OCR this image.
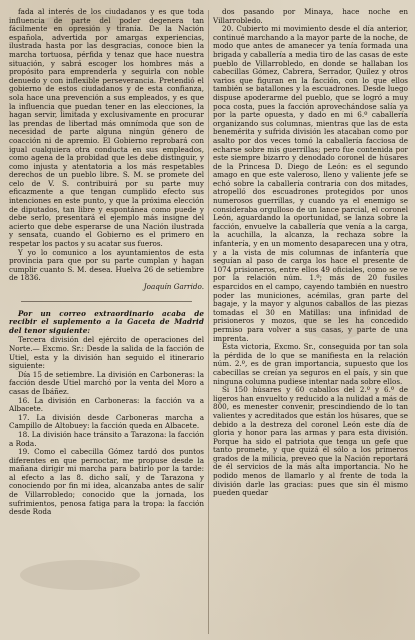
fada al interés de los ciudadanos y es que toda influencia de parte del poder degenera tan fácilmente en opresión y tiranía. De la Nación española, advertida por amargas experiencias, ilustrada hasta por las desgracias, conoce bien la marcha tortuosa, pérfida y tenaz que hace nuestra situación, y sabrá escoger los hombres más a propósito para emprenderla y seguirla con noble denuedo y con inflexible perseverancia. Pretendió el gobierno de estos ciudadanos y de esta confianza, sola hace una prevención a sus empleados, y es que la influencia que puedan tener en las elecciones, la hagan servir, limitada y exclusivamente en procurar las prendas de libertad más omnímoda que son de necesidad de parte alguna ningún género de coacción ni de apremio. El Gobierno reprobará con igual cualquiera otra conducta en sus empleados, como agena de la probidad que les debe distinguir, y como injusta y atentatoria a los más respetables derechos de un pueblo libre. S. M. se promete del celo de V. S. contribuirá por su parte muy eficazmente a que tengan cumplido efecto sus intenciones en este punto, y que la próxima elección de diputados, tan libre y espontánea como puede y debe serlo, presentará el ejemplo más insigne del acierto que debe esperarse de una Nación ilustrada y sensata, cuando el Gobierno es el primero en respetar los pactos y su acatar sus fueros.

Y yo lo comunico a los ayuntamientos de esta provincia para que por su parte cumplan y hagan cumplir cuanto S. M. desea. Huelva 26 de setiembre de 1836.

Joaquín Garrido.

Por un correo extraordinario acaba de recibir el suplemento a la Gaceta de Madrid del tenor siguiente:

Tercera división del ejército de operaciones del Norte.— Excmo. Sr.: Desde la salida de la facción de Utiel, esta y la división han seguido el itinerario siguiente:

Día 15 de setiembre. La división en Carboneras: la facción desde Utiel marchó por la venta del Moro a casas de Ibáñez.

16. La división en Carboneras: la facción va a Albacete.

17. La división desde Carboneras marcha a Campillo de Altobuey: la facción queda en Albacete.

18. La división hace tránsito a Tarazona: la facción a Roda.

19. Como el cabecilla Gómez tardó dos puntos diferentes en que pernoctar, me propuse desde la mañana dirigir mi marcha para batirlo por la tarde: al efecto a las 8. dicho salí, y de Tarazona y conociendo por fin mi idea, alcanzaba antes de salir de Villarrobledo; conocido que la jornada, los sufrimientos, penosa fatiga para la tropa: la facción desde Roda

dos pasando por Minaya, hace noche en Villarrobledo.

20. Cubierto mi movimiento desde el día anterior, continué marchando a la mayor parte de la noche, de modo que antes de amanecer ya tenía formada una brigada y caballería a media tiro de las casas de este pueblo de Villarrobledo, en donde se hallaban los cabecillas Gómez, Cabrera, Serrador, Quílez y otros varios que figuran en la facción, con lo que ellos también se batallones y la escuadrones. Desde luego dispuse apoderarme del pueblo, que se logró a muy poca costa, pues la facción aprovechándose salía ya por la parte opuesta, y dado en mi 6.º caballería organizando sus columnas, mientras que las de esta benemérita y sufrida división les atacaban como por asalto por dos veces tomó la caballería facciosa de echarse sobre mis guerrillas; pero fue contenida por este siempre bizarro y denodado coronel de húsares de la Princesa D. Diego de León: es el segundo amago en que este valeroso, lleno y valiente jefe se echó sobre la caballería contraria con dos mitades, atropelló dos escuadrones protegidos por unos numerosos guerrillas, y cuando ya el enemigo se consideraba orgulloso de un lance parcial, el coronel León, aguardando la oportunidad, se lanza sobre la facción, envuelve la caballería que venía a la carga, la acuchilla, la alcanza, la rechaza sobre la infantería, y en un momento desaparecen una y otra, y a la vista de mis columnas de infantería que seguían al paso de carga los hace el presente de 1074 prisioneros, entre ellos 49 oficiales, como se ve por la relación núm. 1.º; más de 20 fusiles esparcidos en el campo, cayendo también en nuestro poder las municiones, acémilas, gran parte del bagaje, y la mayor y algunos caballos de las piezas tomadas el 30 en Matillas: una infinidad de prisioneros y mozos, que se les ha concedido permiso para volver a sus casas, y parte de una imprenta.

Esta victoria, Excmo. Sr., conseguida por tan sola la pérdida de lo que se manifiesta en la relación núm. 2.º, es de gran importancia, supuesto que los cabecillas se creían ya seguros en el país, y sin que ninguna columna pudiese intentar nada sobre ellos.

Si 150 húsares y 60 caballos del 2.º y 6.º de ligeros han envuelto y reducido a la nulidad a más de 800, es menester convenir, prescindiendo de lo tan valientes y acreditados que están los húsares, que se debido a la destreza del coronel León este día de gloria y honor para las armas y para esta división. Porque ha sido el patriota que tenga un gefe que tanto promete, y que quizá él sólo a los primeros grados de la milicia, preveo que la Nación reportará de él servicios de la más alta importancia. No he podido menos de llamarlo y al frente de toda la división darle las gracias: pues que sin él mismo pueden quedar
